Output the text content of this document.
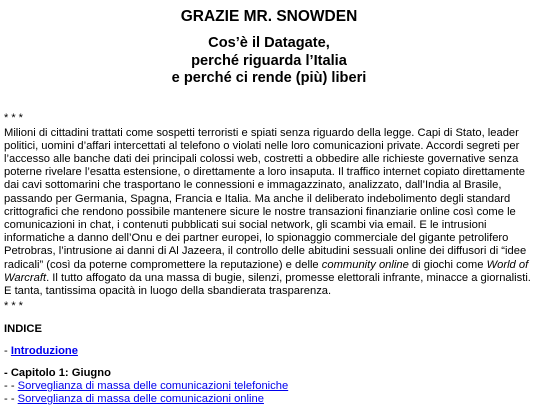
GRAZIE MR. SNOWDEN
Cos’è il Datagate,
perché riguarda l’Italia
e perché ci rende (più) liberi
* * *

Milioni di cittadini trattati come sospetti terroristi e spiati senza riguardo della legge. Capi di Stato, leader politici, uomini d’affari intercettati al telefono o violati nelle loro comunicazioni private. Accordi segreti per l’accesso alle banche dati dei principali colossi web, costretti a obbedire alle richieste governative senza poterne rivelare l’esatta estensione, o direttamente a loro insaputa. Il traffico internet copiato direttamente dai cavi sottomarini che trasportano le connessioni e immagazzinato, analizzato, dall’India al Brasile, passando per Germania, Spagna, Francia e Italia. Ma anche il deliberato indebolimento degli standard crittografici che rendono possibile mantenere sicure le nostre transazioni finanziarie online così come le comunicazioni in chat, i contenuti pubblicati sui social network, gli scambi via email. E le intrusioni informatiche a danno dell’Onu e dei partner europei, lo spionaggio commerciale del gigante petrolifero Petrobras, l’intrusione ai danni di Al Jazeera, il controllo delle abitudini sessuali online dei diffusori di “idee radicali” (così da poterne compromettere la reputazione) e delle community online di giochi come World of Warcraft. Il tutto affogato da una massa di bugie, silenzi, promesse elettorali infrante, minacce a giornalisti. E tanta, tantissima opacità in luogo della sbandierata trasparenza.

* * *
INDICE
- Introduzione
- Capitolo 1: Giugno
- - Sorveglianza di massa delle comunicazioni telefoniche
- - Sorveglianza di massa delle comunicazioni online
